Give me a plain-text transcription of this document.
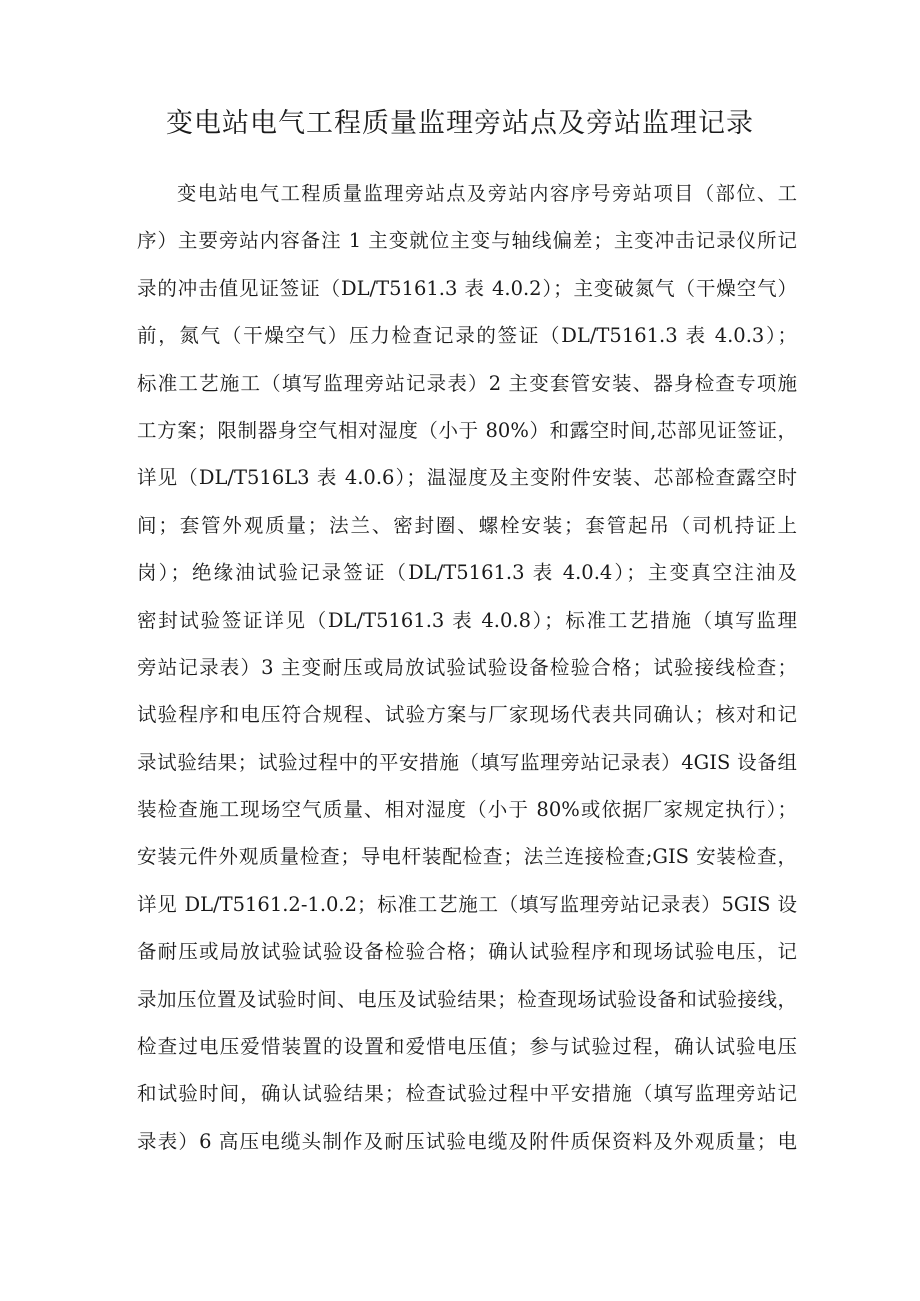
变电站电气工程质量监理旁站点及旁站监理记录
变电站电气工程质量监理旁站点及旁站内容序号旁站项目（部位、工
序）主要旁站内容备注 1 主变就位主变与轴线偏差；主变冲击记录仪所记
录的冲击值见证签证（DL/T5161.3 表 4.0.2）；主变破氮气（干燥空气）
前，氮气（干燥空气）压力检查记录的签证（DL/T5161.3 表 4.0.3）；
标准工艺施工（填写监理旁站记录表）2 主变套管安装、器身检查专项施
工方案；限制器身空气相对湿度（小于 80%）和露空时间,芯部见证签证，
详见（DL/T516L3 表 4.0.6）；温湿度及主变附件安装、芯部检查露空时
间；套管外观质量；法兰、密封圈、螺栓安装；套管起吊（司机持证上
岗）；绝缘油试验记录签证（DL/T5161.3 表 4.0.4）；主变真空注油及
密封试验签证详见（DL/T5161.3 表 4.0.8）；标准工艺措施（填写监理
旁站记录表）3 主变耐压或局放试验试验设备检验合格；试验接线检查；
试验程序和电压符合规程、试验方案与厂家现场代表共同确认；核对和记
录试验结果；试验过程中的平安措施（填写监理旁站记录表）4GIS 设备组
装检查施工现场空气质量、相对湿度（小于 80%或依据厂家规定执行）；
安装元件外观质量检查；导电杆装配检查；法兰连接检查;GIS 安装检查，
详见 DL/T5161.2-1.0.2；标准工艺施工（填写监理旁站记录表）5GIS 设
备耐压或局放试验试验设备检验合格；确认试验程序和现场试验电压，记
录加压位置及试验时间、电压及试验结果；检查现场试验设备和试验接线，
检查过电压爱惜装置的设置和爱惜电压值；参与试验过程，确认试验电压
和试验时间，确认试验结果；检查试验过程中平安措施（填写监理旁站记
录表）6 高压电缆头制作及耐压试验电缆及附件质保资料及外观质量；电
